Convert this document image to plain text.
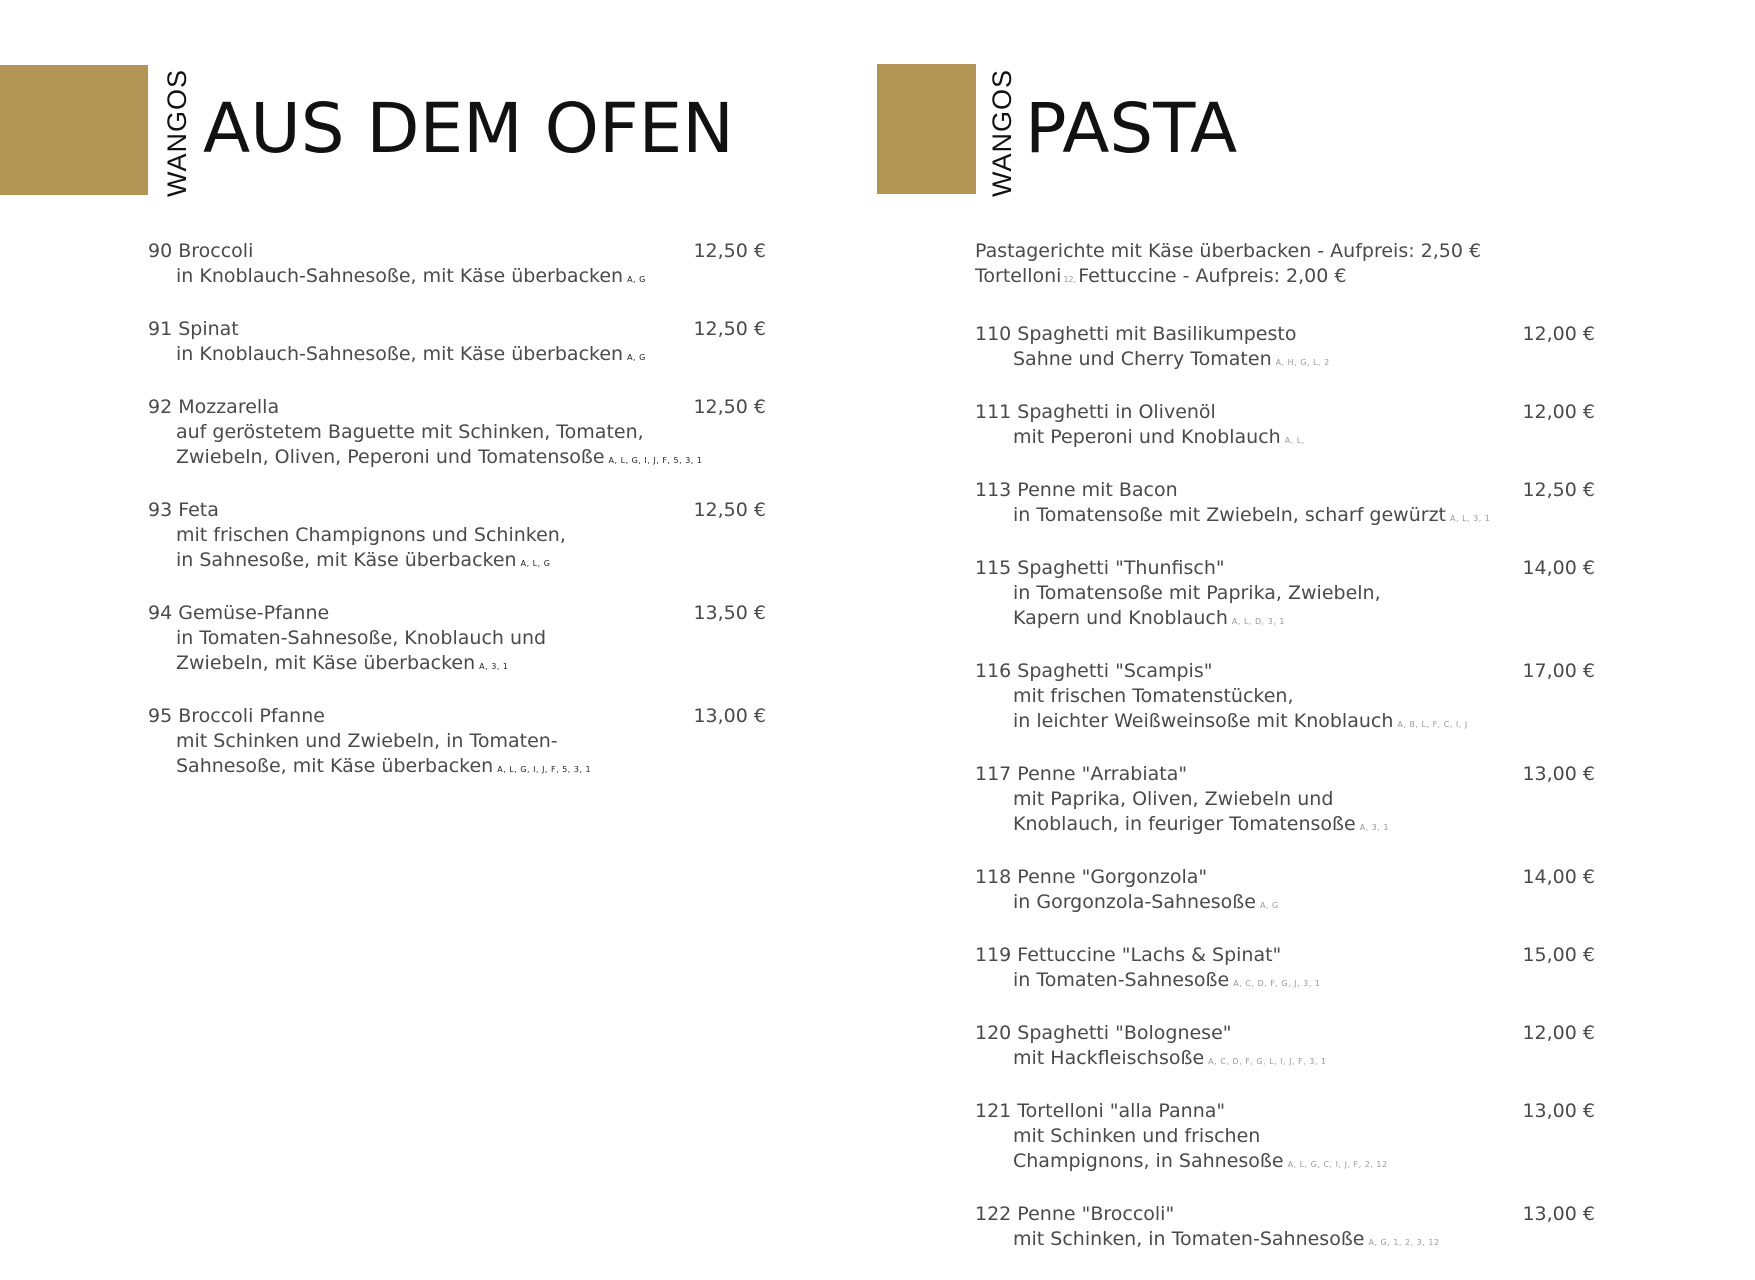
WANGOS AUS DEM OFEN
90 Broccoli
in Knoblauch-Sahnesoße, mit Käse überbacken A, G
12,50 €
91 Spinat
in Knoblauch-Sahnesoße, mit Käse überbacken A, G
12,50 €
92 Mozzarella
auf geröstetem Baguette mit Schinken, Tomaten,
Zwiebeln, Oliven, Peperoni und Tomatensoße A, L, G, I, J, F, 5, 3, 1
12,50 €
93 Feta
mit frischen Champignons und Schinken,
in Sahnesoße, mit Käse überbacken A, L, G
12,50 €
94 Gemüse-Pfanne
in Tomaten-Sahnesoße, Knoblauch und
Zwiebeln, mit Käse überbacken A, 3, 1
13,50 €
95 Broccoli Pfanne
mit Schinken und Zwiebeln, in Tomaten-
Sahnesoße, mit Käse überbacken A, L, G, I, J, F, 5, 3, 1
13,00 €
WANGOS PASTA
Pastagerichte mit Käse überbacken - Aufpreis: 2,50 €
Tortelloni 12, Fettuccine - Aufpreis: 2,00 €
110 Spaghetti mit Basilikumpesto
Sahne und Cherry Tomaten A, H, G, L, 2
12,00 €
111 Spaghetti in Olivenöl
mit Peperoni und Knoblauch A, L,
12,00 €
113 Penne mit Bacon
in Tomatensoße mit Zwiebeln, scharf gewürzt A, L, 3, 1
12,50 €
115 Spaghetti "Thunfisch"
in Tomatensoße mit Paprika, Zwiebeln,
Kapern und Knoblauch A, L, D, 3, 1
14,00 €
116 Spaghetti "Scampis"
mit frischen Tomatenstücken,
in leichter Weißweinsoße mit Knoblauch A, B, L, F, C, I, J
17,00 €
117 Penne "Arrabiata"
mit Paprika, Oliven, Zwiebeln und
Knoblauch, in feuriger Tomatensoße A, 3, 1
13,00 €
118 Penne "Gorgonzola"
in Gorgonzola-Sahnesoße A, G
14,00 €
119 Fettuccine "Lachs & Spinat"
in Tomaten-Sahnesoße A, C, D, F, G, J, 3, 1
15,00 €
120 Spaghetti "Bolognese"
mit Hackfleischsoße A, C, D, F, G, L, I, J, F, 3, 1
12,00 €
121 Tortelloni "alla Panna"
mit Schinken und frischen
Champignons, in Sahnesoße A, L, G, C, I, J, F, 2, 12
13,00 €
122 Penne "Broccoli"
mit Schinken, in Tomaten-Sahnesoße A, G, 1, 2, 3, 12
13,00 €
